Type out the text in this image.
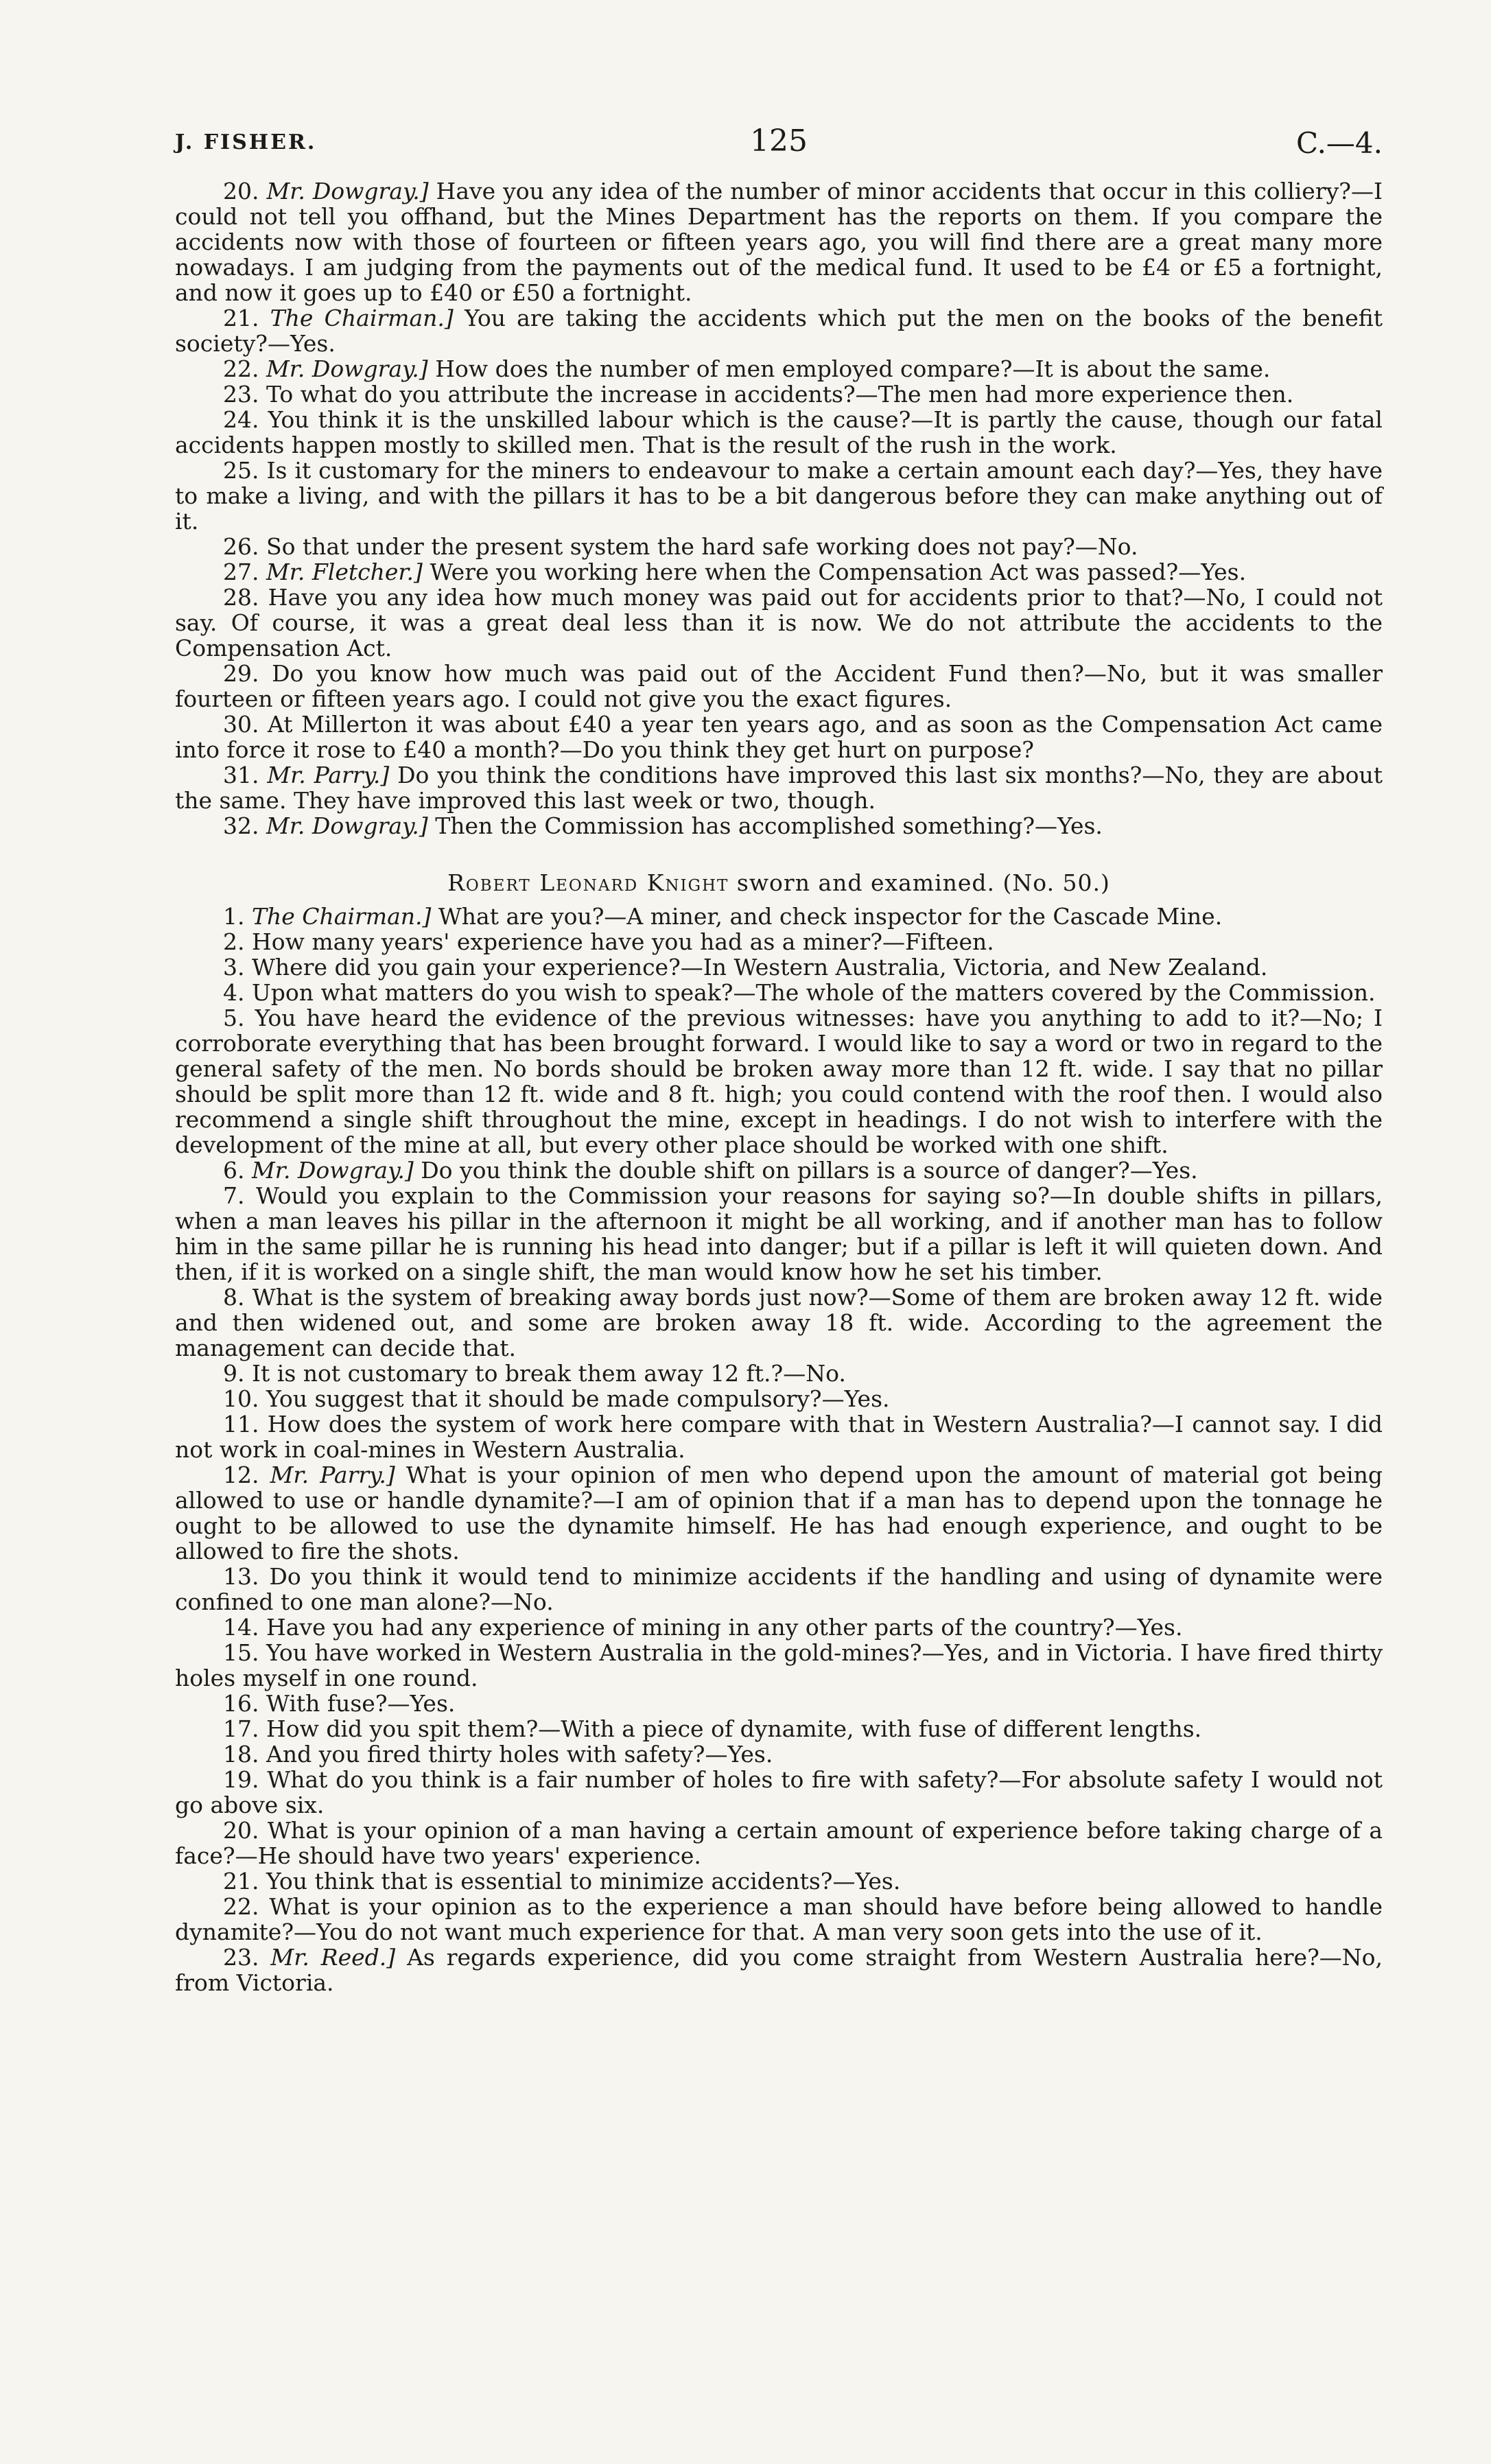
J. FISHER.	125	C.—4.

20. Mr. Dowgray.] Have you any idea of the number of minor accidents that occur in this colliery?—I could not tell you offhand, but the Mines Department has the reports on them. If you compare the accidents now with those of fourteen or fifteen years ago, you will find there are a great many more nowadays. I am judging from the payments out of the medical fund. It used to be £4 or £5 a fortnight, and now it goes up to £40 or £50 a fortnight.

21. The Chairman.] You are taking the accidents which put the men on the books of the benefit society?—Yes.

22. Mr. Dowgray.] How does the number of men employed compare?—It is about the same.

23. To what do you attribute the increase in accidents?—The men had more experience then.

24. You think it is the unskilled labour which is the cause?—It is partly the cause, though our fatal accidents happen mostly to skilled men. That is the result of the rush in the work.

25. Is it customary for the miners to endeavour to make a certain amount each day?—Yes, they have to make a living, and with the pillars it has to be a bit dangerous before they can make anything out of it.

26. So that under the present system the hard safe working does not pay?—No.

27. Mr. Fletcher.] Were you working here when the Compensation Act was passed?—Yes.

28. Have you any idea how much money was paid out for accidents prior to that?—No, I could not say. Of course, it was a great deal less than it is now. We do not attribute the accidents to the Compensation Act.

29. Do you know how much was paid out of the Accident Fund then?—No, but it was smaller fourteen or fifteen years ago. I could not give you the exact figures.

30. At Millerton it was about £40 a year ten years ago, and as soon as the Compensation Act came into force it rose to £40 a month?—Do you think they get hurt on purpose?

31. Mr. Parry.] Do you think the conditions have improved this last six months?—No, they are about the same. They have improved this last week or two, though.

32. Mr. Dowgray.] Then the Commission has accomplished something?—Yes.

Robert Leonard Knight sworn and examined. (No. 50.)

1. The Chairman.] What are you?—A miner, and check inspector for the Cascade Mine.

2. How many years' experience have you had as a miner?—Fifteen.

3. Where did you gain your experience?—In Western Australia, Victoria, and New Zealand.

4. Upon what matters do you wish to speak?—The whole of the matters covered by the Commission.

5. You have heard the evidence of the previous witnesses: have you anything to add to it?—No; I corroborate everything that has been brought forward. I would like to say a word or two in regard to the general safety of the men. No bords should be broken away more than 12 ft. wide. I say that no pillar should be split more than 12 ft. wide and 8 ft. high; you could contend with the roof then. I would also recommend a single shift throughout the mine, except in headings. I do not wish to interfere with the development of the mine at all, but every other place should be worked with one shift.

6. Mr. Dowgray.] Do you think the double shift on pillars is a source of danger?—Yes.

7. Would you explain to the Commission your reasons for saying so?—In double shifts in pillars, when a man leaves his pillar in the afternoon it might be all working, and if another man has to follow him in the same pillar he is running his head into danger; but if a pillar is left it will quieten down. And then, if it is worked on a single shift, the man would know how he set his timber.

8. What is the system of breaking away bords just now?—Some of them are broken away 12 ft. wide and then widened out, and some are broken away 18 ft. wide. According to the agreement the management can decide that.

9. It is not customary to break them away 12 ft.?—No.

10. You suggest that it should be made compulsory?—Yes.

11. How does the system of work here compare with that in Western Australia?—I cannot say. I did not work in coal-mines in Western Australia.

12. Mr. Parry.] What is your opinion of men who depend upon the amount of material got being allowed to use or handle dynamite?—I am of opinion that if a man has to depend upon the tonnage he ought to be allowed to use the dynamite himself. He has had enough experience, and ought to be allowed to fire the shots.

13. Do you think it would tend to minimize accidents if the handling and using of dynamite were confined to one man alone?—No.

14. Have you had any experience of mining in any other parts of the country?—Yes.

15. You have worked in Western Australia in the gold-mines?—Yes, and in Victoria. I have fired thirty holes myself in one round.

16. With fuse?—Yes.

17. How did you spit them?—With a piece of dynamite, with fuse of different lengths.

18. And you fired thirty holes with safety?—Yes.

19. What do you think is a fair number of holes to fire with safety?—For absolute safety I would not go above six.

20. What is your opinion of a man having a certain amount of experience before taking charge of a face?—He should have two years' experience.

21. You think that is essential to minimize accidents?—Yes.

22. What is your opinion as to the experience a man should have before being allowed to handle dynamite?—You do not want much experience for that. A man very soon gets into the use of it.

23. Mr. Reed.] As regards experience, did you come straight from Western Australia here?—No, from Victoria.
